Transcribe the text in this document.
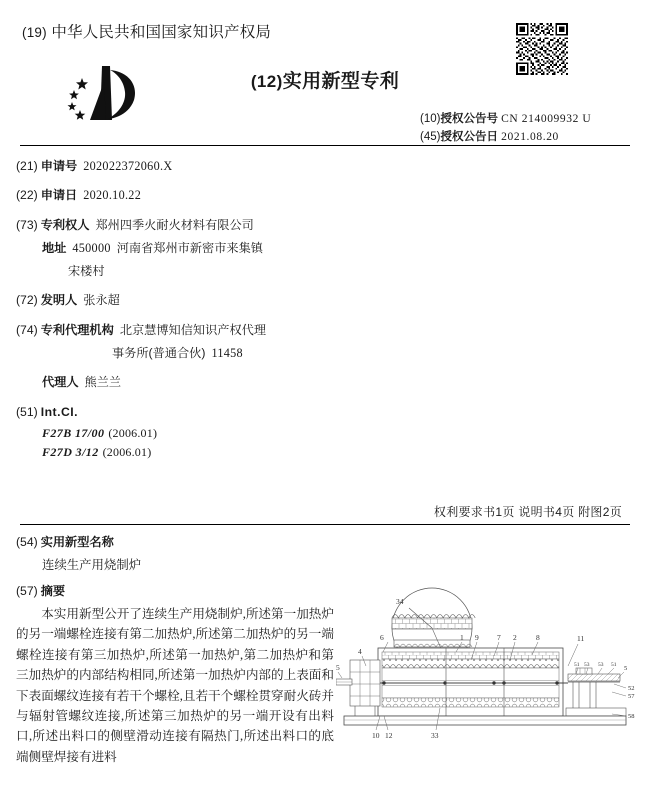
(19) 中华人民共和国国家知识产权局
(12)实用新型专利
(10)授权公告号 CN 214009932 U
(45)授权公告日 2021.08.20
(21) 申请号 202022372060.X
(22) 申请日 2020.10.22
(73) 专利权人 郑州四季火耐火材料有限公司
地址 450000 河南省郑州市新密市来集镇
宋楼村
(72) 发明人 张永超
(74) 专利代理机构 北京慧博知信知识产权代理
事务所(普通合伙) 11458
代理人 熊兰兰
(51) Int.CI.
F27B 17/00 (2006.01)
F27D 3/12 (2006.01)
权利要求书1页 说明书4页 附图2页
(54) 实用新型名称
连续生产用烧制炉
(57) 摘要

本实用新型公开了连续生产用烧制炉,所述第一加热炉的另一端螺栓连接有第二加热炉,所述第二加热炉的另一端螺栓连接有第三加热炉,所述第一加热炉,第二加热炉和第三加热炉的内部结构相同,所述第一加热炉内部的上表面和下表面螺纹连接有若干个螺栓,且若干个螺栓贯穿耐火砖并与辐射管螺纹连接,所述第三加热炉的另一端开设有出料口,所述出料口的侧壁滑动连接有隔热门,所述出料口的底端侧壁焊接有进料

34
6	1 9 7 2	8	11
10 12	33
4
5	51 53 53 51 5
52
57
58
